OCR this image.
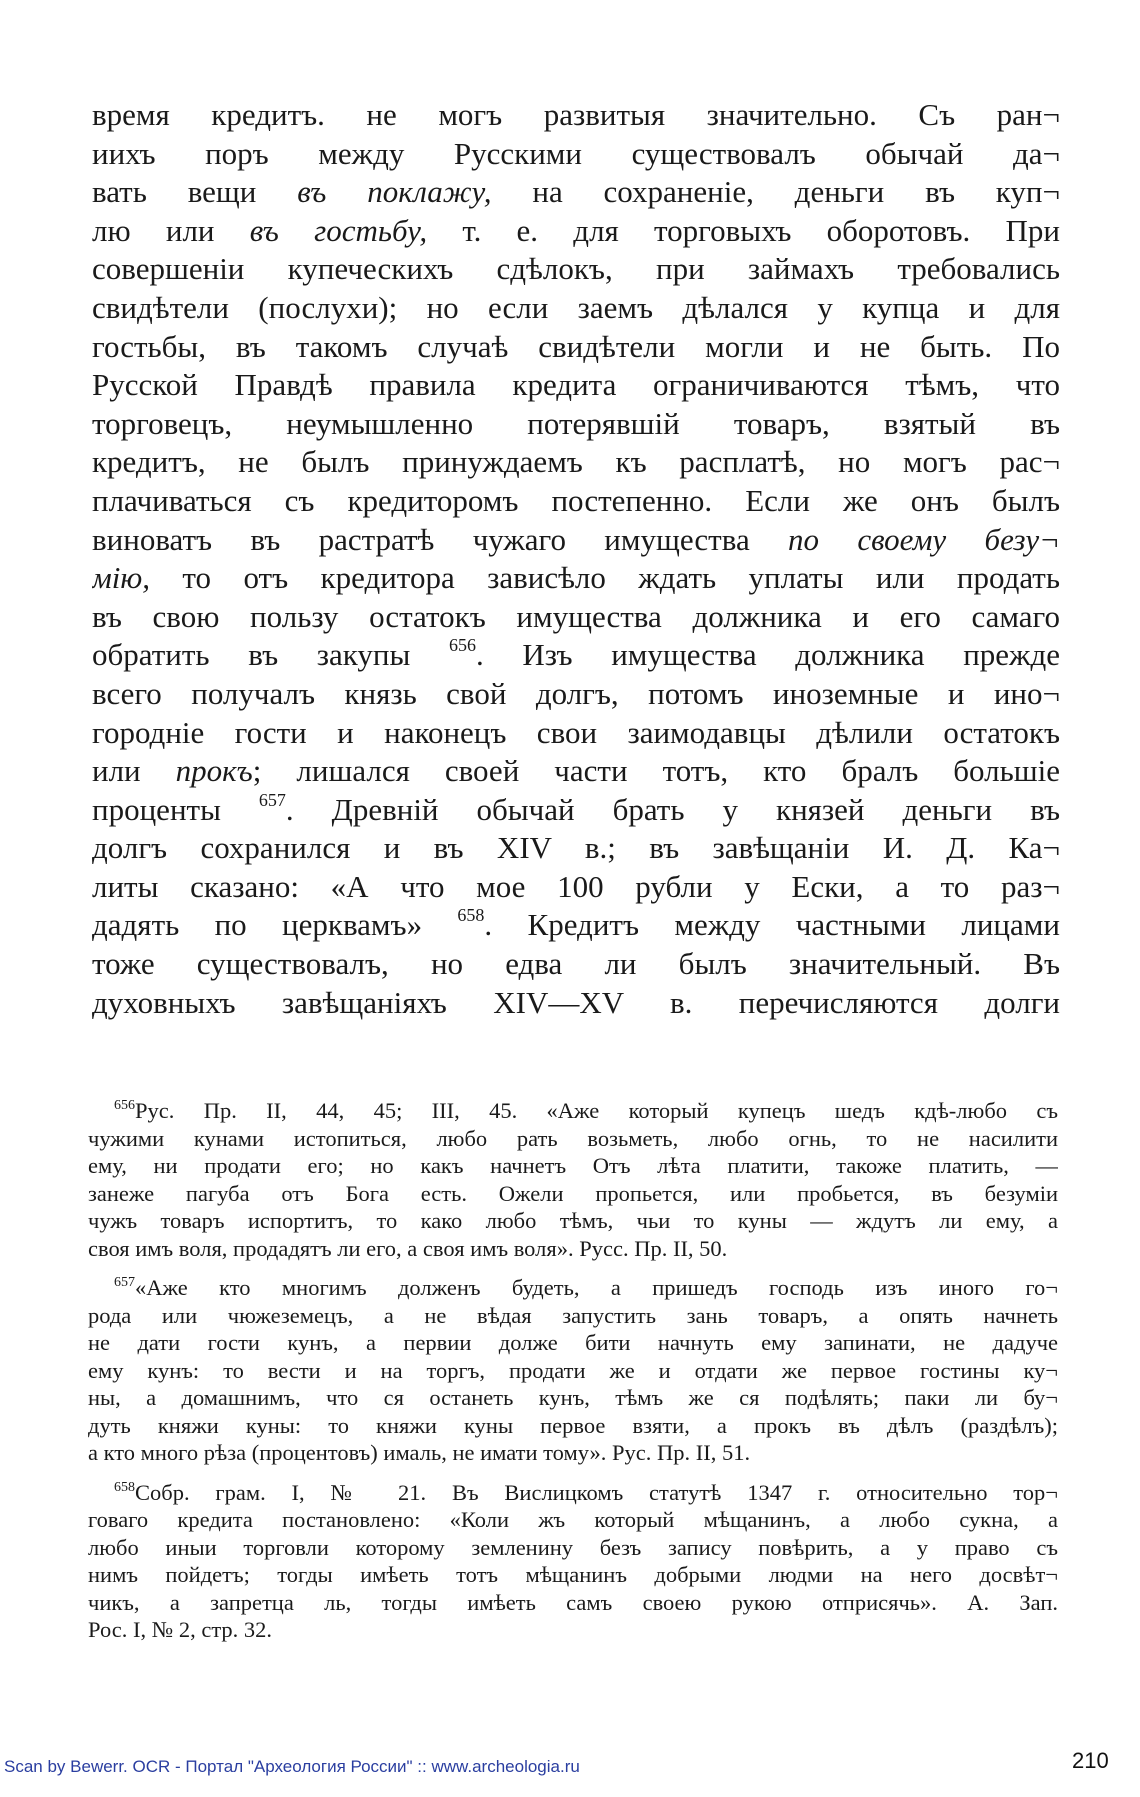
время кредитъ. не могъ развитыя значительно. Съ ран¬
иихъ поръ между Русскими существовалъ обычай да¬
вать вещи въ поклажу, на сохраненіе, деньги въ куп¬
лю или въ гостьбу, т. е. для торговыхъ оборотовъ. При
совершеніи купеческихъ сдѣлокъ, при займахъ требовались
свидѣтели (послухи); но если заемъ дѣлался у купца и для
гостьбы, въ такомъ случаѣ свидѣтели могли и не быть. По
Русской Правдѣ правила кредита ограничиваются тѣмъ, что
торговецъ, неумышленно потерявшій товаръ, взятый въ
кредитъ, не былъ принуждаемъ къ расплатѣ, но могъ рас¬
плачиваться съ кредиторомъ постепенно. Если же онъ былъ
виноватъ въ растратѣ чужаго имущества по своему безу¬
мію, то отъ кредитора зависѣло ждать уплаты или продать
въ свою пользу остатокъ имущества должника и его самаго
обратить въ закупы $^{656}$. Изъ имущества должника прежде
всего получалъ князь свой долгъ, потомъ иноземные и ино¬
городніе гости и наконецъ свои заимодавцы дѣлили остатокъ
или прокъ; лишался своей части тотъ, кто бралъ большіе
проценты $^{657}$. Древній обычай брать у князей деньги въ
долгъ сохранился и въ XIV в.; въ завѣщаніи И. Д. Ка¬
литы сказано: «А что мое 100 рубли у Ески, а то раз¬
дадять по церквамъ» $^{658}$. Кредитъ между частными лицами
тоже существовалъ, но едва ли былъ значительный. Въ
духовныхъ завѣщаніяхъ XIV—XV в. перечисляются долги
$^{656}$Рус. Пр. II, 44, 45; III, 45. «Аже который купецъ шедъ кдѣ-любо съ
чужими кунами истопиться, любо рать возьметь, любо огнь, то не насилити
ему, ни продати его; но какъ начнетъ Отъ лѣта платити, такоже платить, —
занеже пагуба отъ Бога есть. Ожели пропьется, или пробьется, въ безуміи
чужъ товаръ испортитъ, то како любо тѣмъ, чьи то куны — ждутъ ли ему, а
своя имъ воля, продадятъ ли его, а своя имъ воля». Русс. Пр. II, 50.
$^{657}$«Аже кто многимъ долженъ будеть, а пришедъ господь изъ иного го¬
рода или чюжеземецъ, а не вѣдая запустить зань товаръ, а опять начнеть
не дати гости кунъ, а первии долже бити начнуть ему запинати, не дадуче
ему кунъ: то вести и на торгъ, продати же и отдати же первое гостины ку¬
ны, а домашнимъ, что ся останеть кунъ, тѣмъ же ся подѣлять; паки ли бу¬
дуть княжи куны: то княжи куны первое взяти, а прокъ въ дѣлъ (раздѣлъ);
а кто много рѣза (процентовъ) ималь, не имати тому». Рус. Пр. II, 51.
$^{658}$Собр. грам. I, № 21. Въ Вислицкомъ статутѣ 1347 г. относительно тор¬
говаго кредита постановлено: «Коли жъ который мѣщанинъ, а любо сукна, а
любо иныи торговли которому земленину безъ запису повѣрить, а у право съ
нимъ пойдетъ; тогды имѣеть тотъ мѣщанинъ добрыми людми на него досвѣт¬
чикъ, а запретца ль, тогды имѣеть самъ своею рукою отприсячь». А. Зап.
Рос. I, № 2, стр. 32.
Scan by Bewerr. OCR - Портал "Археология России" :: www.archeologia.ru	210
